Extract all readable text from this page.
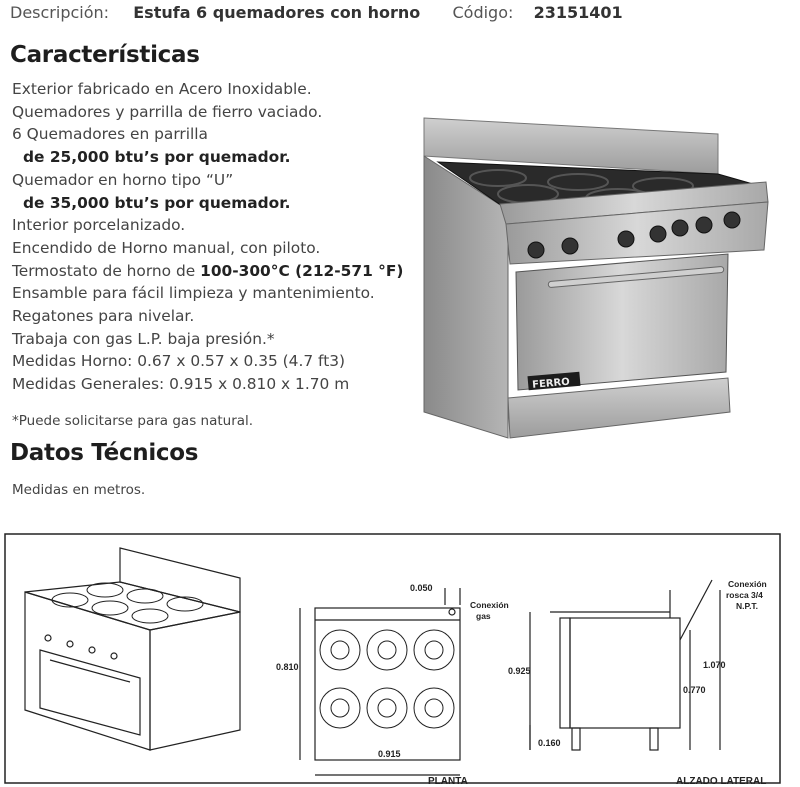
Descripción: Estufa 6 quemadores con horno Código: 23151401
Características
Exterior fabricado en Acero Inoxidable.
Quemadores y parrilla de fierro vaciado.
6 Quemadores en parrilla
de 25,000 btu’s por quemador.
Quemador en horno tipo “U”
de 35,000 btu’s por quemador.
Interior porcelanizado.
Encendido de Horno manual, con piloto.
Termostato de horno de 100-300°C (212-571 °F)
Ensamble para fácil limpieza y mantenimiento.
Regatones para nivelar.
Trabaja con gas L.P. baja presión.*
Medidas Horno: 0.67 x 0.57 x 0.35 (4.7 ft3)
Medidas Generales: 0.915 x 0.810 x 1.70 m
*Puede solicitarse para gas natural.
Datos Técnicos
Medidas en metros.
FERRO
0.050
Conexión
gas
0.810
0.915
PLANTA
Conexión
rosca 3/4
N.P.T.
0.925
1.070
0.770
0.160
ALZADO LATERAL
